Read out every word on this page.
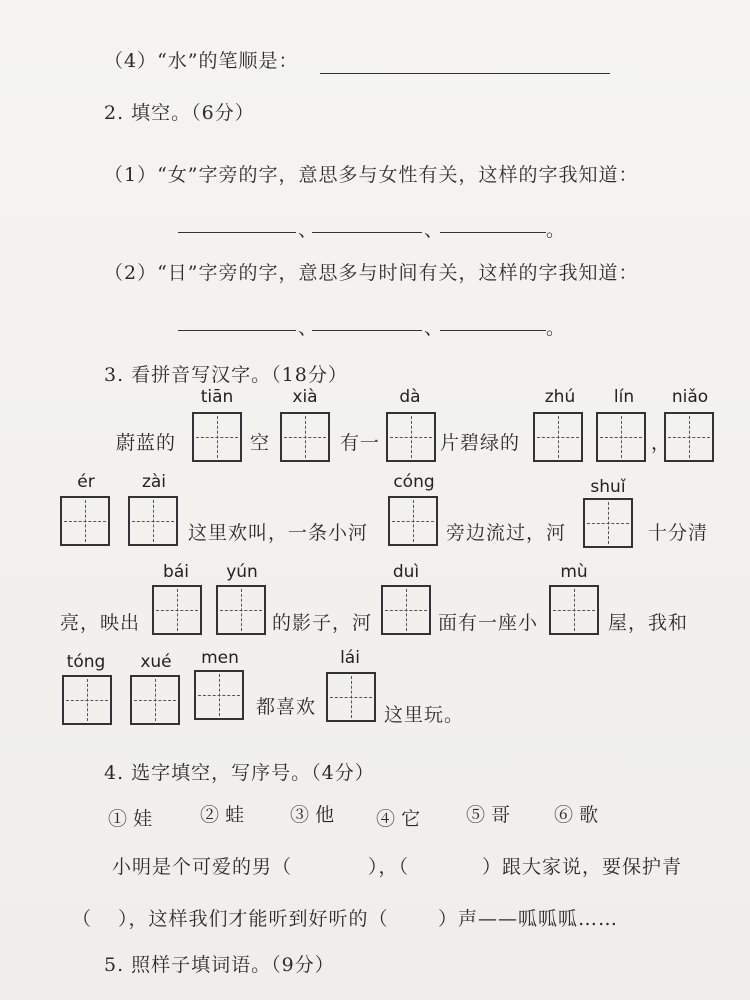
（4）“水”的笔顺是：
2. 填空。（6分）
（1）“女”字旁的字，意思多与女性有关，这样的字我知道：
、	、	。
（2）“日”字旁的字，意思多与时间有关，这样的字我知道：
、	、	。
3. 看拼音写汉字。（18分）
蔚蓝的
tiān
空
xià
有一
dà
片碧绿的
zhú	lín
，
niǎo
ér	zài
这里欢叫，一条小河
cóng
旁边流过，河
shuǐ
十分清
亮，映出
bái	yún
的影子，河
duì
面有一座小
mù
屋，我和
tóng	xué	men
都喜欢
lái
这里玩。
4. 选字填空，写序号。（4分）
① 娃	② 蛙 ③ 他 ④ 它 ⑤ 哥 ⑥ 歌
小明是个可爱的男（	），（	）跟大家说，要保护青
（ ），这样我们才能听到好听的（	）声——呱呱呱……
5. 照样子填词语。（9分）
